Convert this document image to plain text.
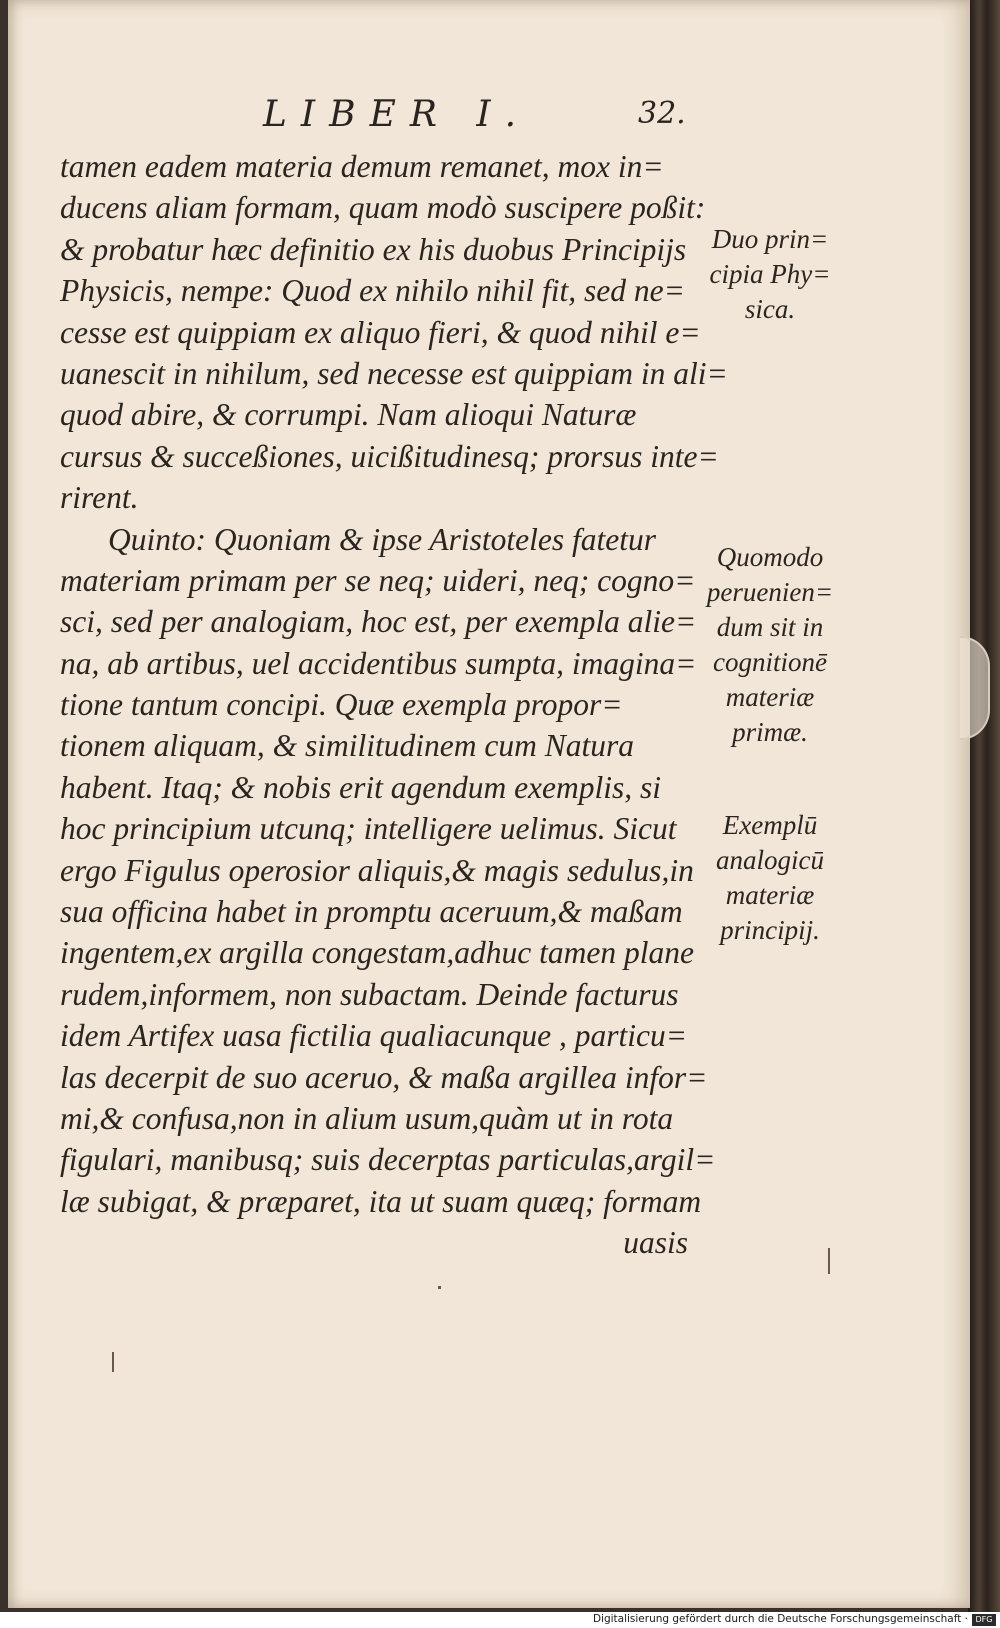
LIBER I.	32.
tamen eadem materia demum remanet, mox in=
ducens aliam formam, quam modò suscipere poßit:
& probatur hæc definitio ex his duobus Principijs
Physicis, nempe: Quod ex nihilo nihil fit, sed ne=
cesse est quippiam ex aliquo fieri, & quod nihil e=
uanescit in nihilum, sed necesse est quippiam in ali=
quod abire, & corrumpi. Nam alioqui Naturæ
cursus & succeßiones, uicißitudinesq; prorsus inte=
rirent.
Quinto: Quoniam & ipse Aristoteles fatetur
materiam primam per se neq; uideri, neq; cogno=
sci, sed per analogiam, hoc est, per exempla alie=
na, ab artibus, uel accidentibus sumpta, imagina=
tione tantum concipi. Quæ exempla propor=
tionem aliquam, & similitudinem cum Natura
habent. Itaq; & nobis erit agendum exemplis, si
hoc principium utcunq; intelligere uelimus. Sicut
ergo Figulus operosior aliquis,& magis sedulus,in
sua officina habet in promptu aceruum,& maßam
ingentem,ex argilla congestam,adhuc tamen plane
rudem,informem, non subactam. Deinde facturus
idem Artifex uasa fictilia qualiacunque , particu=
las decerpit de suo aceruo, & maßa argillea infor=
mi,& confusa,non in alium usum,quàm ut in rota
figulari, manibusq; suis decerptas particulas,argil=
læ subigat, & præparet, ita ut suam quæq; formam
uasis
Duo prin=
cipia Phy=
sica.
Quomodo
peruenien=
dum sit in
cognitionē
materiæ
primæ.
Exemplū
analogicū
materiæ
principij.
Digitalisierung gefördert durch die Deutsche Forschungsgemeinschaft · DFG
